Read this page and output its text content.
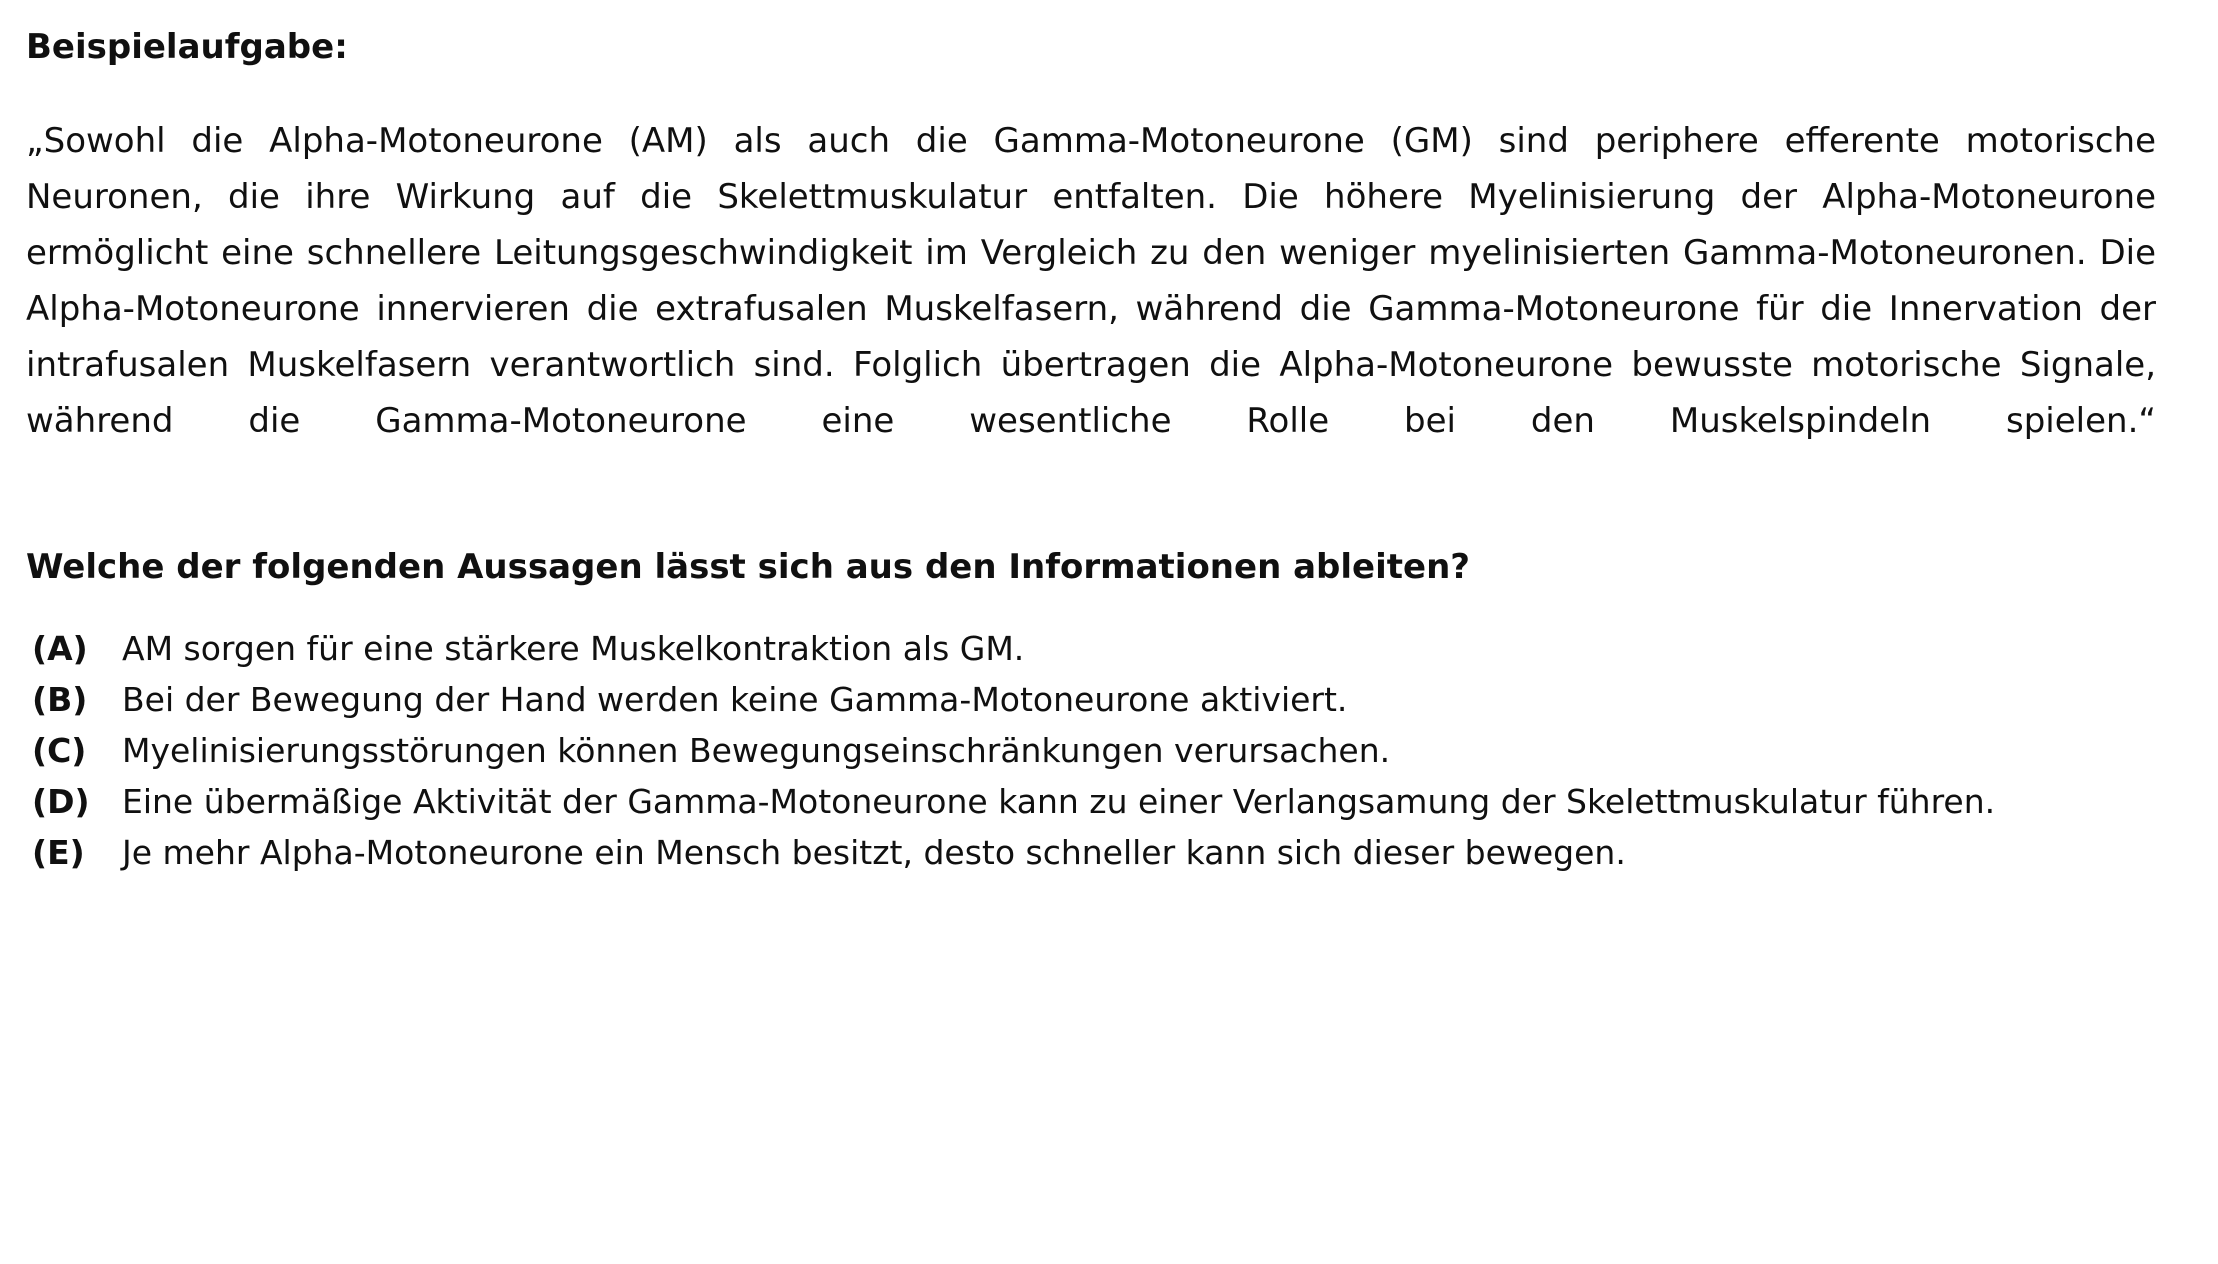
Beispielaufgabe:

„Sowohl die Alpha-Motoneurone (AM) als auch die Gamma-Motoneurone (GM) sind periphere efferente motorische Neuronen, die ihre Wirkung auf die Skelettmuskulatur entfalten. Die höhere Myelinisierung der Alpha-Motoneurone ermöglicht eine schnellere Leitungsgeschwindigkeit im Vergleich zu den weniger myelinisierten Gamma-Motoneuronen. Die Alpha-Motoneurone innervieren die extrafusalen Muskelfasern, während die Gamma-Motoneurone für die Innervation der intrafusalen Muskelfasern verantwortlich sind. Folglich übertragen die Alpha-Motoneurone bewusste motorische Signale, während die Gamma-Motoneurone eine wesentliche Rolle bei den Muskelspindeln spielen.“

Welche der folgenden Aussagen lässt sich aus den Informationen ableiten?
(A)	AM sorgen für eine stärkere Muskelkontraktion als GM.
(B)	Bei der Bewegung der Hand werden keine Gamma-Motoneurone aktiviert.
(C)	Myelinisierungsstörungen können Bewegungseinschränkungen verursachen.
(D) Eine übermäßige Aktivität der Gamma-Motoneurone kann zu einer Verlangsamung der Skelettmuskulatur führen.
(E)	Je mehr Alpha-Motoneurone ein Mensch besitzt, desto schneller kann sich dieser bewegen.
